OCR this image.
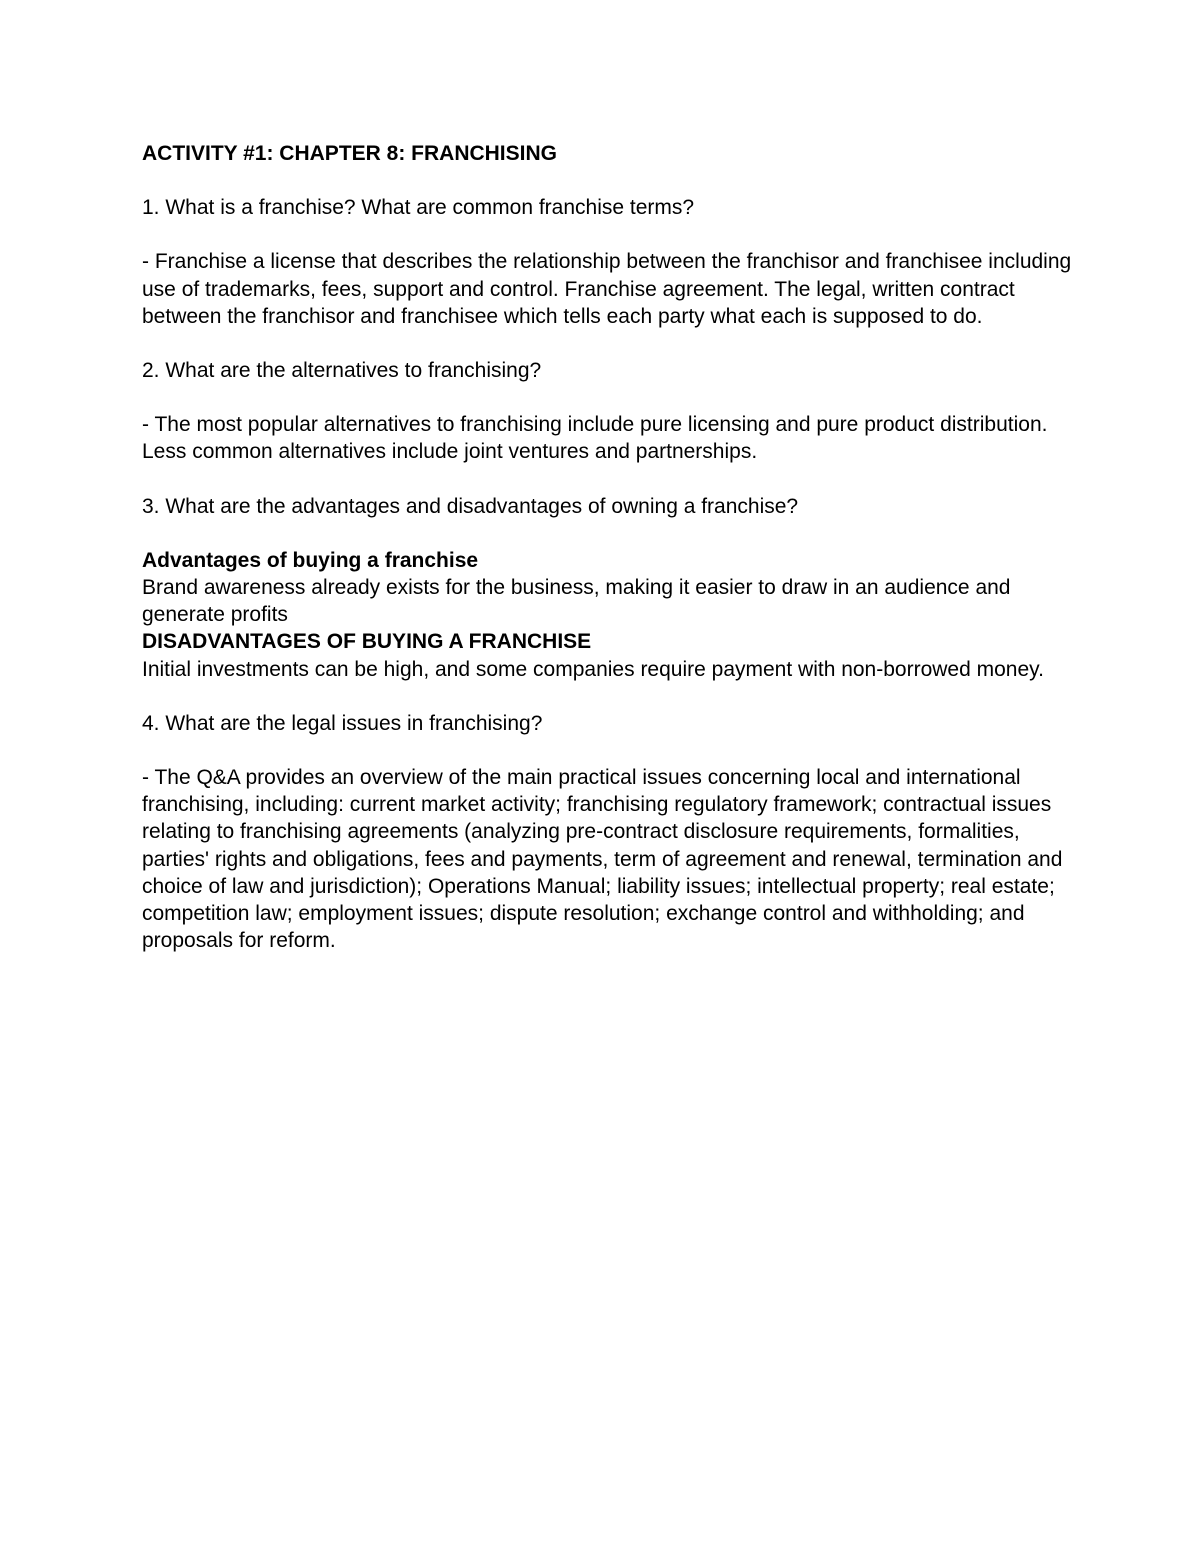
ACTIVITY #1: CHAPTER 8: FRANCHISING

1. What is a franchise? What are common franchise terms?

- Franchise a license that describes the relationship between the franchisor and franchisee including use of trademarks, fees, support and control. Franchise agreement. The legal, written contract between the franchisor and franchisee which tells each party what each is supposed to do.

2. What are the alternatives to franchising?

- The most popular alternatives to franchising include pure licensing and pure product distribution. Less common alternatives include joint ventures and partnerships.

3. What are the advantages and disadvantages of owning a franchise?

Advantages of buying a franchise
Brand awareness already exists for the business, making it easier to draw in an audience and generate profits
DISADVANTAGES OF BUYING A FRANCHISE

Initial investments can be high, and some companies require payment with non-borrowed money.

4. What are the legal issues in franchising?

- The Q&A provides an overview of the main practical issues concerning local and international franchising, including: current market activity; franchising regulatory framework; contractual issues relating to franchising agreements (analyzing pre-contract disclosure requirements, formalities, parties' rights and obligations, fees and payments, term of agreement and renewal, termination and choice of law and jurisdiction); Operations Manual; liability issues; intellectual property; real estate; competition law; employment issues; dispute resolution; exchange control and withholding; and proposals for reform.
